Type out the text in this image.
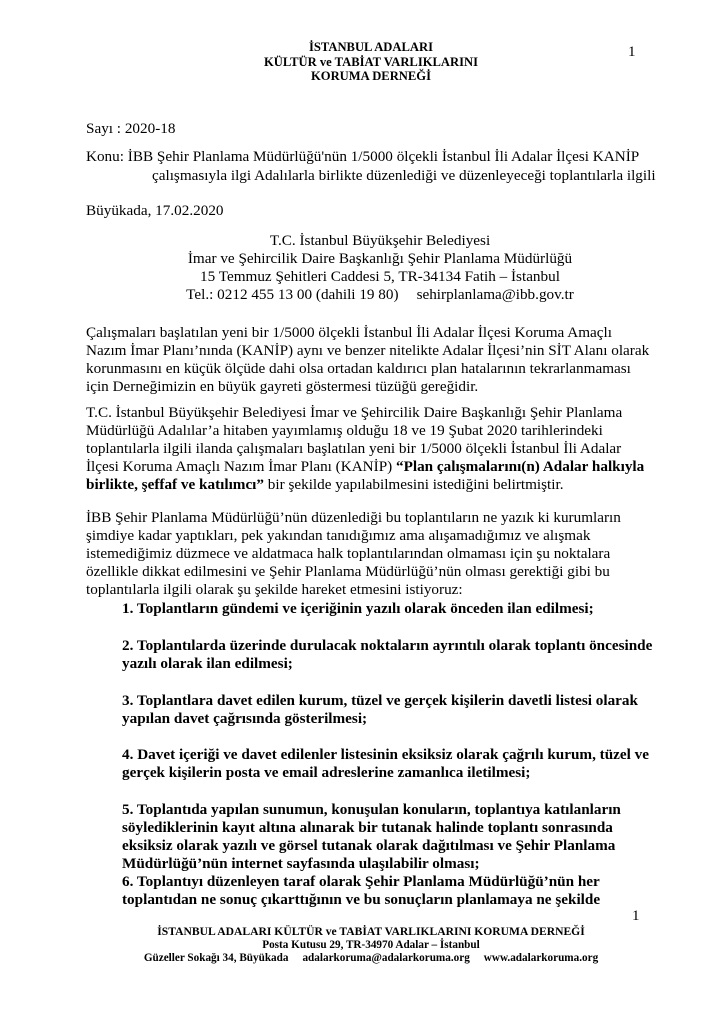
İSTANBUL ADALARI
KÜLTÜR ve TABİAT VARLIKLARINI
KORUMA DERNEĞİ
1
Sayı : 2020-18
Konu: İBB Şehir Planlama Müdürlüğü'nün 1/5000 ölçekli İstanbul İli Adalar İlçesi KANİP
çalışmasıyla ilgi Adalılarla birlikte düzenlediği ve düzenleyeceği toplantılarla ilgili
Büyükada, 17.02.2020
T.C. İstanbul Büyükşehir Belediyesi
İmar ve Şehircilik Daire Başkanlığı Şehir Planlama Müdürlüğü
15 Temmuz Şehitleri Caddesi 5, TR-34134 Fatih – İstanbul
Tel.: 0212 455 13 00 (dahili 19 80) sehirplanlama@ibb.gov.tr
Çalışmaları başlatılan yeni bir 1/5000 ölçekli İstanbul İli Adalar İlçesi Koruma Amaçlı Nazım İmar Planı’nında (KANİP) aynı ve benzer nitelikte Adalar İlçesi’nin SİT Alanı olarak korunmasını en küçük ölçüde dahi olsa ortadan kaldırıcı plan hatalarının tekrarlanmaması için Derneğimizin en büyük gayreti göstermesi tüzüğü gereğidir.
T.C. İstanbul Büyükşehir Belediyesi İmar ve Şehircilik Daire Başkanlığı Şehir Planlama Müdürlüğü Adalılar’a hitaben yayımlamış olduğu 18 ve 19 Şubat 2020 tarihlerindeki toplantılarla ilgili ilanda çalışmaları başlatılan yeni bir 1/5000 ölçekli İstanbul İli Adalar İlçesi Koruma Amaçlı Nazım İmar Planı (KANİP) “Plan çalışmalarını(n) Adalar halkıyla birlikte, şeffaf ve katılımcı” bir şekilde yapılabilmesini istediğini belirtmiştir.
İBB Şehir Planlama Müdürlüğü’nün düzenlediği bu toplantıların ne yazık ki kurumların şimdiye kadar yaptıkları, pek yakından tanıdığımız ama alışamadığımız ve alışmak istemediğimiz düzmece ve aldatmaca halk toplantılarından olmaması için şu noktalara özellikle dikkat edilmesini ve Şehir Planlama Müdürlüğü’nün olması gerektiği gibi bu toplantılarla ilgili olarak şu şekilde hareket etmesini istiyoruz:
1. Toplantların gündemi ve içeriğinin yazılı olarak önceden ilan edilmesi;
2. Toplantılarda üzerinde durulacak noktaların ayrıntılı olarak toplantı öncesinde yazılı olarak ilan edilmesi;
3. Toplantlara davet edilen kurum, tüzel ve gerçek kişilerin davetli listesi olarak yapılan davet çağrısında gösterilmesi;
4. Davet içeriği ve davet edilenler listesinin eksiksiz olarak çağrılı kurum, tüzel ve gerçek kişilerin posta ve email adreslerine zamanlıca iletilmesi;
5. Toplantıda yapılan sunumun, konuşulan konuların, toplantıya katılanların söylediklerinin kayıt altına alınarak bir tutanak halinde toplantı sonrasında eksiksiz olarak yazılı ve görsel tutanak olarak dağıtılması ve Şehir Planlama Müdürlüğü’nün internet sayfasında ulaşılabilir olması;
6. Toplantıyı düzenleyen taraf olarak Şehir Planlama Müdürlüğü’nün her toplantıdan ne sonuç çıkarttığının ve bu sonuçların planlamaya ne şekilde
1
İSTANBUL ADALARI KÜLTÜR ve TABİAT VARLIKLARINI KORUMA DERNEĞİ
Posta Kutusu 29, TR-34970 Adalar – İstanbul
Güzeller Sokağı 34, Büyükada adalarkoruma@adalarkoruma.org www.adalarkoruma.org
